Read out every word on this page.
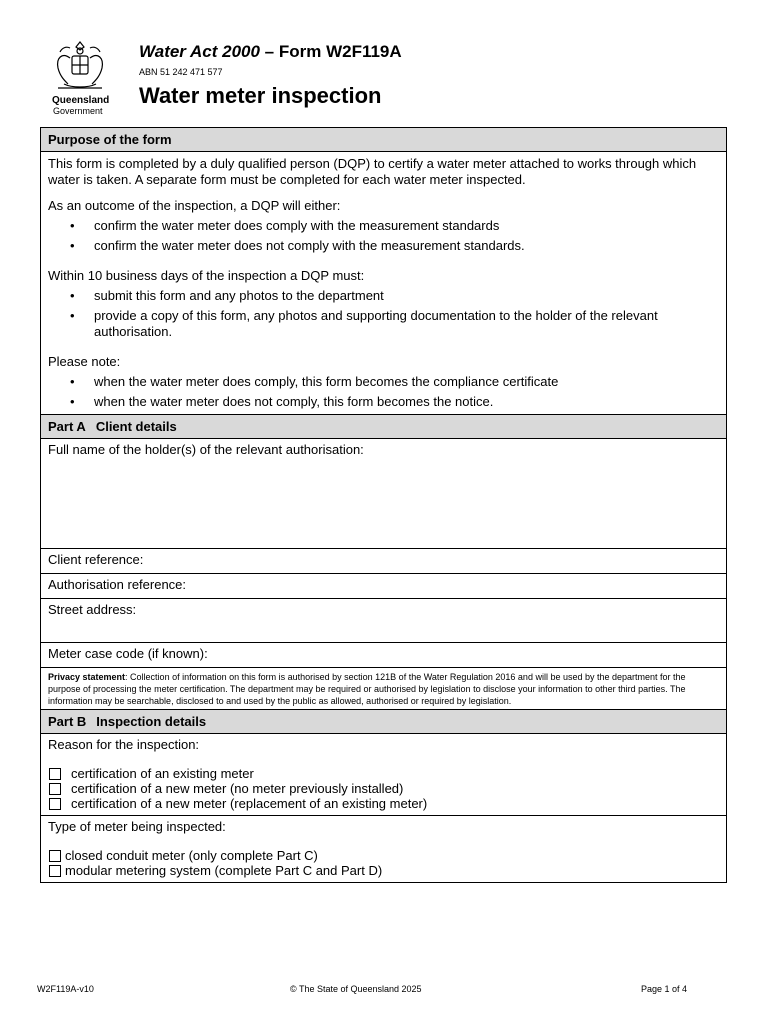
Queensland
Government
Water Act 2000 – Form W2F119A
ABN 51 242 471 577
Water meter inspection
Purpose of the form

This form is completed by a duly qualified person (DQP) to certify a water meter attached to works through which water is taken. A separate form must be completed for each water meter inspected.

As an outcome of the inspection, a DQP will either:

• confirm the water meter does comply with the measurement standards
• confirm the water meter does not comply with the measurement standards.

Within 10 business days of the inspection a DQP must:

• submit this form and any photos to the department
• provide a copy of this form, any photos and supporting documentation to the holder of the relevant authorisation.

Please note:

• when the water meter does comply, this form becomes the compliance certificate
• when the water meter does not comply, this form becomes the notice.
Part A Client details
Full name of the holder(s) of the relevant authorisation:
Client reference:
Authorisation reference:
Street address:
Meter case code (if known):
Privacy statement: Collection of information on this form is authorised by section 121B of the Water Regulation 2016 and will be used by the department for the purpose of processing the meter certification. The department may be required or authorised by legislation to disclose your information to other third parties. The information may be searchable, disclosed to and used by the public as allowed, authorised or required by legislation.
Part B Inspection details
Reason for the inspection:
certification of an existing meter
certification of a new meter (no meter previously installed)
certification of a new meter (replacement of an existing meter)
Type of meter being inspected:
closed conduit meter (only complete Part C)
modular metering system (complete Part C and Part D)
W2F119A-v10	© The State of Queensland 2025	Page 1 of 4
